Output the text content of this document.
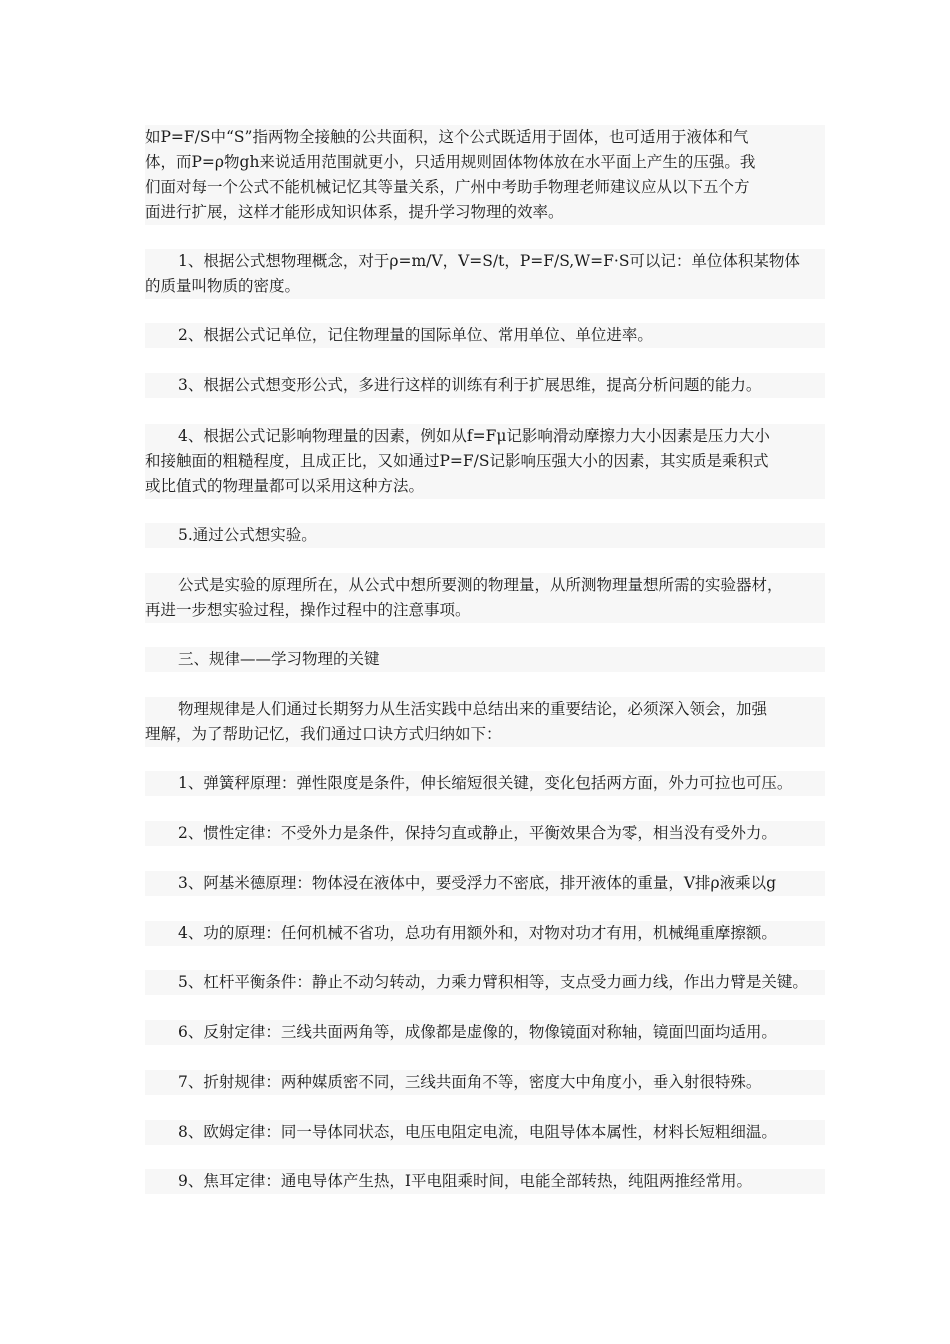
如P=F/S中“S”指两物全接触的公共面积，这个公式既适用于固体，也可适用于液体和气
体，而P=ρ物gh来说适用范围就更小，只适用规则固体物体放在水平面上产生的压强。我
们面对每一个公式不能机械记忆其等量关系，广州中考助手物理老师建议应从以下五个方
面进行扩展，这样才能形成知识体系，提升学习物理的效率。
1、根据公式想物理概念，对于ρ=m/V，V=S/t，P=F/S,W=F·S可以记：单位体积某物体
的质量叫物质的密度。
2、根据公式记单位，记住物理量的国际单位、常用单位、单位进率。
3、根据公式想变形公式，多进行这样的训练有利于扩展思维，提高分析问题的能力。
4、根据公式记影响物理量的因素，例如从f=Fμ记影响滑动摩擦力大小因素是压力大小
和接触面的粗糙程度，且成正比，又如通过P=F/S记影响压强大小的因素，其实质是乘积式
或比值式的物理量都可以采用这种方法。
5.通过公式想实验。
公式是实验的原理所在，从公式中想所要测的物理量，从所测物理量想所需的实验器材，
再进一步想实验过程，操作过程中的注意事项。
三、规律——学习物理的关键
物理规律是人们通过长期努力从生活实践中总结出来的重要结论，必须深入领会，加强
理解，为了帮助记忆，我们通过口诀方式归纳如下：
1、弹簧秤原理：弹性限度是条件，伸长缩短很关键，变化包括两方面，外力可拉也可压。
2、惯性定律：不受外力是条件，保持匀直或静止，平衡效果合为零，相当没有受外力。
3、阿基米德原理：物体浸在液体中，要受浮力不密底，排开液体的重量，V排ρ液乘以g
4、功的原理：任何机械不省功，总功有用额外和，对物对功才有用，机械绳重摩擦额。
5、杠杆平衡条件：静止不动匀转动，力乘力臂积相等，支点受力画力线，作出力臂是关键。
6、反射定律：三线共面两角等，成像都是虚像的，物像镜面对称轴，镜面凹面均适用。
7、折射规律：两种媒质密不同，三线共面角不等，密度大中角度小，垂入射很特殊。
8、欧姆定律：同一导体同状态，电压电阻定电流，电阻导体本属性，材料长短粗细温。
9、焦耳定律：通电导体产生热，I平电阻乘时间，电能全部转热，纯阻两推经常用。
